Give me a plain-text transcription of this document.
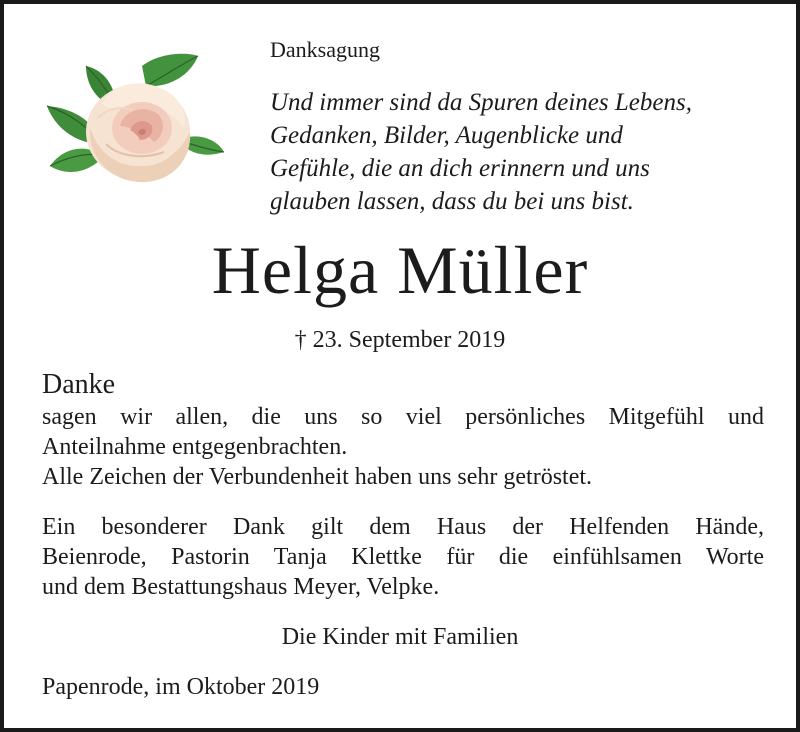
Danksagung
Und immer sind da Spuren deines Lebens,
Gedanken, Bilder, Augenblicke und
Gefühle, die an dich erinnern und uns
glauben lassen, dass du bei uns bist.
Helga Müller
† 23. September 2019
Danke
sagen wir allen, die uns so viel persönliches Mitgefühl und
Anteilnahme entgegenbrachten.
Alle Zeichen der Verbundenheit haben uns sehr getröstet.
Ein besonderer Dank gilt dem Haus der Helfenden Hände,
Beienrode, Pastorin Tanja Klettke für die einfühlsamen Worte
und dem Bestattungshaus Meyer, Velpke.
Die Kinder mit Familien
Papenrode, im Oktober 2019
